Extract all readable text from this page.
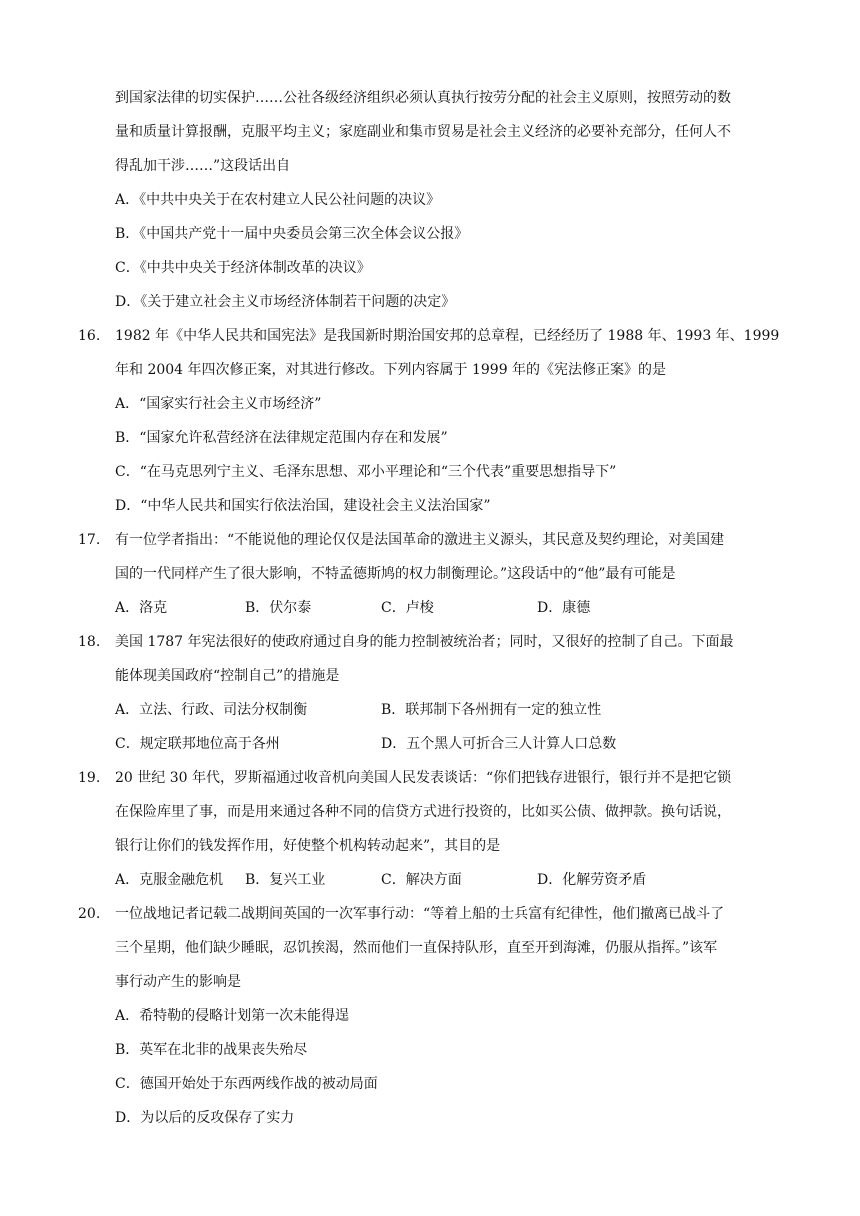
到国家法律的切实保护……公社各级经济组织必须认真执行按劳分配的社会主义原则，按照劳动的数
量和质量计算报酬，克服平均主义；家庭副业和集市贸易是社会主义经济的必要补充部分，任何人不
得乱加干涉……”这段话出自
A．《中共中央关于在农村建立人民公社问题的决议》
B．《中国共产党十一届中央委员会第三次全体会议公报》
C．《中共中央关于经济体制改革的决议》
D．《关于建立社会主义市场经济体制若干问题的决定》
16. 1982 年《中华人民共和国宪法》是我国新时期治国安邦的总章程，已经经历了 1988 年、1993 年、1999
年和 2004 年四次修正案，对其进行修改。下列内容属于 1999 年的《宪法修正案》的是
A．“国家实行社会主义市场经济”
B．“国家允许私营经济在法律规定范围内存在和发展”
C．“在马克思列宁主义、毛泽东思想、邓小平理论和“三个代表”重要思想指导下”
D．“中华人民共和国实行依法治国，建设社会主义法治国家”
17. 有一位学者指出：“不能说他的理论仅仅是法国革命的激进主义源头，其民意及契约理论，对美国建
国的一代同样产生了很大影响，不特孟德斯鸠的权力制衡理论。”这段话中的“他”最有可能是
A．洛克	B．伏尔泰	C．卢梭	D．康德
18. 美国 1787 年宪法很好的使政府通过自身的能力控制被统治者；同时，又很好的控制了自己。下面最
能体现美国政府“控制自己”的措施是
A．立法、行政、司法分权制衡	B．联邦制下各州拥有一定的独立性
C．规定联邦地位高于各州	D．五个黑人可折合三人计算人口总数
19. 20 世纪 30 年代，罗斯福通过收音机向美国人民发表谈话：“你们把钱存进银行，银行并不是把它锁
在保险库里了事，而是用来通过各种不同的信贷方式进行投资的，比如买公债、做押款。换句话说，
银行让你们的钱发挥作用，好使整个机构转动起来”，其目的是
A．克服金融危机 B．复兴工业	C．解决方面	D．化解劳资矛盾
20. 一位战地记者记载二战期间英国的一次军事行动：“等着上船的士兵富有纪律性，他们撤离已战斗了
三个星期，他们缺少睡眠，忍饥挨渴，然而他们一直保持队形，直至开到海滩，仍服从指挥。”该军
事行动产生的影响是
A．希特勒的侵略计划第一次未能得逞
B．英军在北非的战果丧失殆尽
C．德国开始处于东西两线作战的被动局面
D．为以后的反攻保存了实力
